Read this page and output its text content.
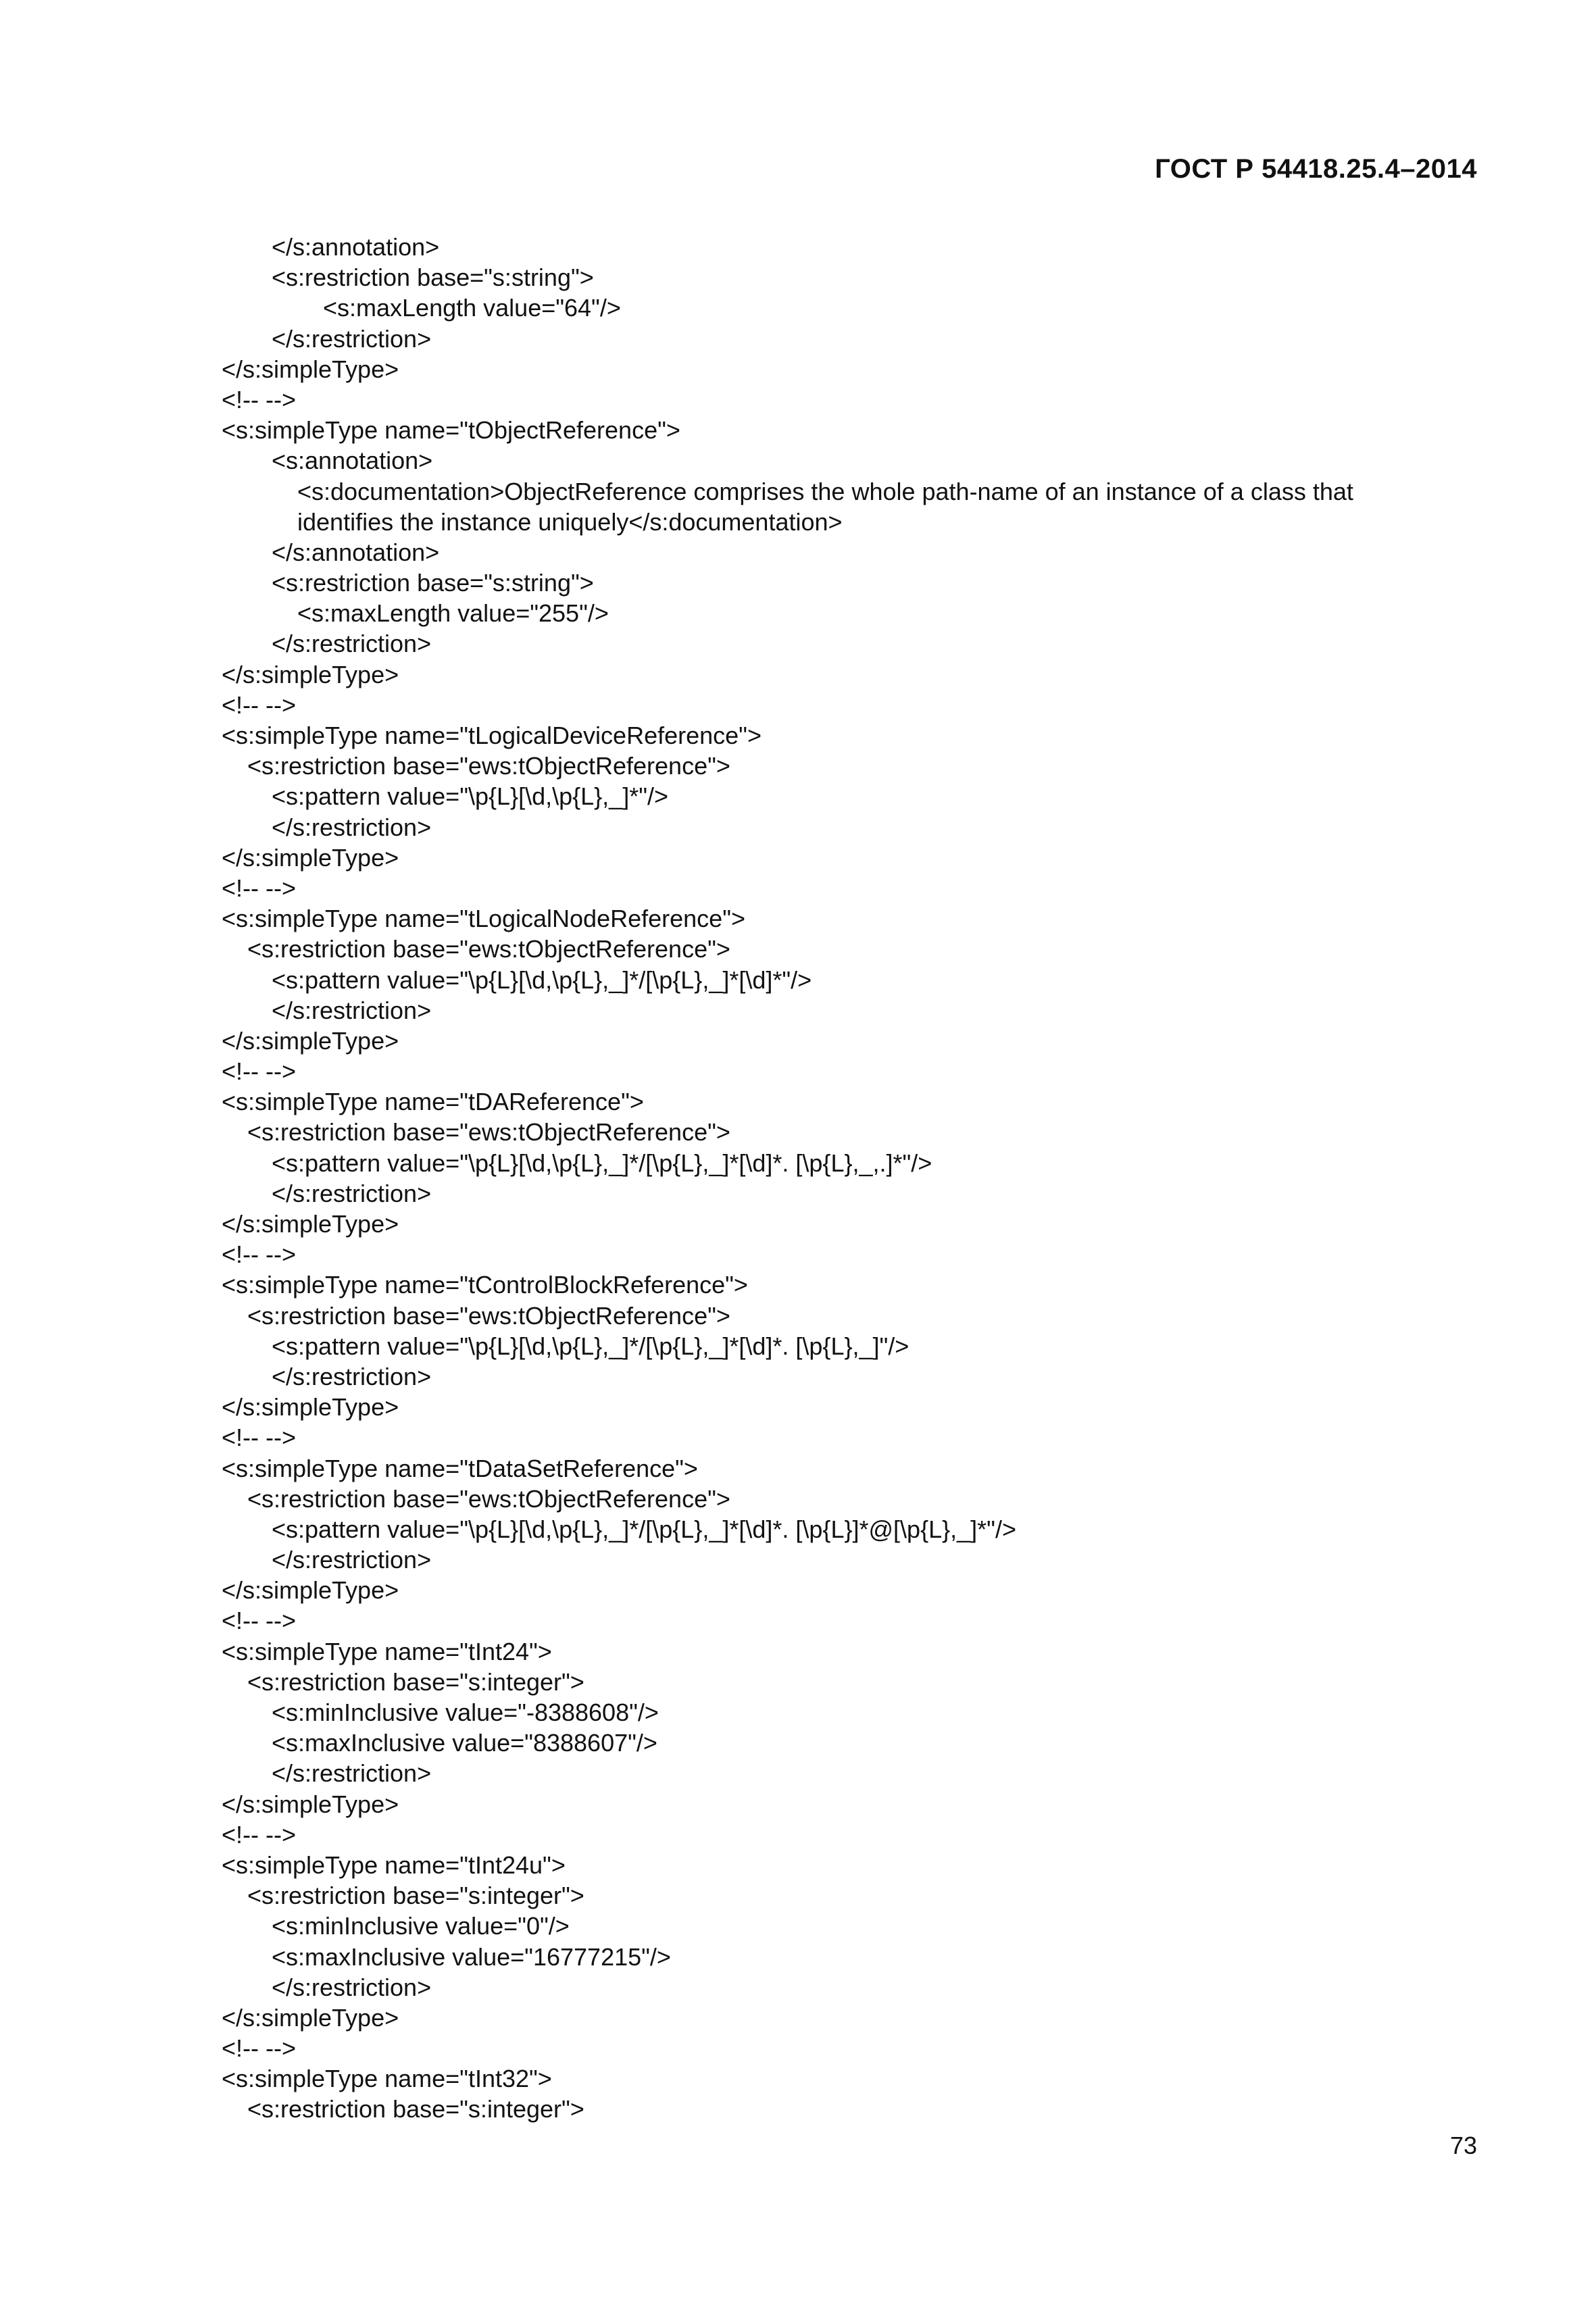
ГОСТ Р 54418.25.4–2014
</s:annotation>
<s:restriction base="s:string">
<s:maxLength value="64"/>
</s:restriction>
</s:simpleType>
<!-- -->
<s:simpleType name="tObjectReference">
<s:annotation>
<s:documentation>ObjectReference comprises the whole path-name of an instance of a class that
identifies the instance uniquely</s:documentation>
</s:annotation>
<s:restriction base="s:string">
<s:maxLength value="255"/>
</s:restriction>
</s:simpleType>
<!-- -->
<s:simpleType name="tLogicalDeviceReference">
<s:restriction base="ews:tObjectReference">
<s:pattern value="\p{L}[\d,\p{L},_]*"/>
</s:restriction>
</s:simpleType>
<!-- -->
<s:simpleType name="tLogicalNodeReference">
<s:restriction base="ews:tObjectReference">
<s:pattern value="\p{L}[\d,\p{L},_]*/[\p{L},_]*[\d]*"/>
</s:restriction>
</s:simpleType>
<!-- -->
<s:simpleType name="tDAReference">
<s:restriction base="ews:tObjectReference">
<s:pattern value="\p{L}[\d,\p{L},_]*/[\p{L},_]*[\d]*. [\p{L},_,.]*"/>
</s:restriction>
</s:simpleType>
<!-- -->
<s:simpleType name="tControlBlockReference">
<s:restriction base="ews:tObjectReference">
<s:pattern value="\p{L}[\d,\p{L},_]*/[\p{L},_]*[\d]*. [\p{L},_]"/>
</s:restriction>
</s:simpleType>
<!-- -->
<s:simpleType name="tDataSetReference">
<s:restriction base="ews:tObjectReference">
<s:pattern value="\p{L}[\d,\p{L},_]*/[\p{L},_]*[\d]*. [\p{L}]*@[\p{L},_]*"/>
</s:restriction>
</s:simpleType>
<!-- -->
<s:simpleType name="tInt24">
<s:restriction base="s:integer">
<s:minInclusive value="-8388608"/>
<s:maxInclusive value="8388607"/>
</s:restriction>
</s:simpleType>
<!-- -->
<s:simpleType name="tInt24u">
<s:restriction base="s:integer">
<s:minInclusive value="0"/>
<s:maxInclusive value="16777215"/>
</s:restriction>
</s:simpleType>
<!-- -->
<s:simpleType name="tInt32">
<s:restriction base="s:integer">
73
